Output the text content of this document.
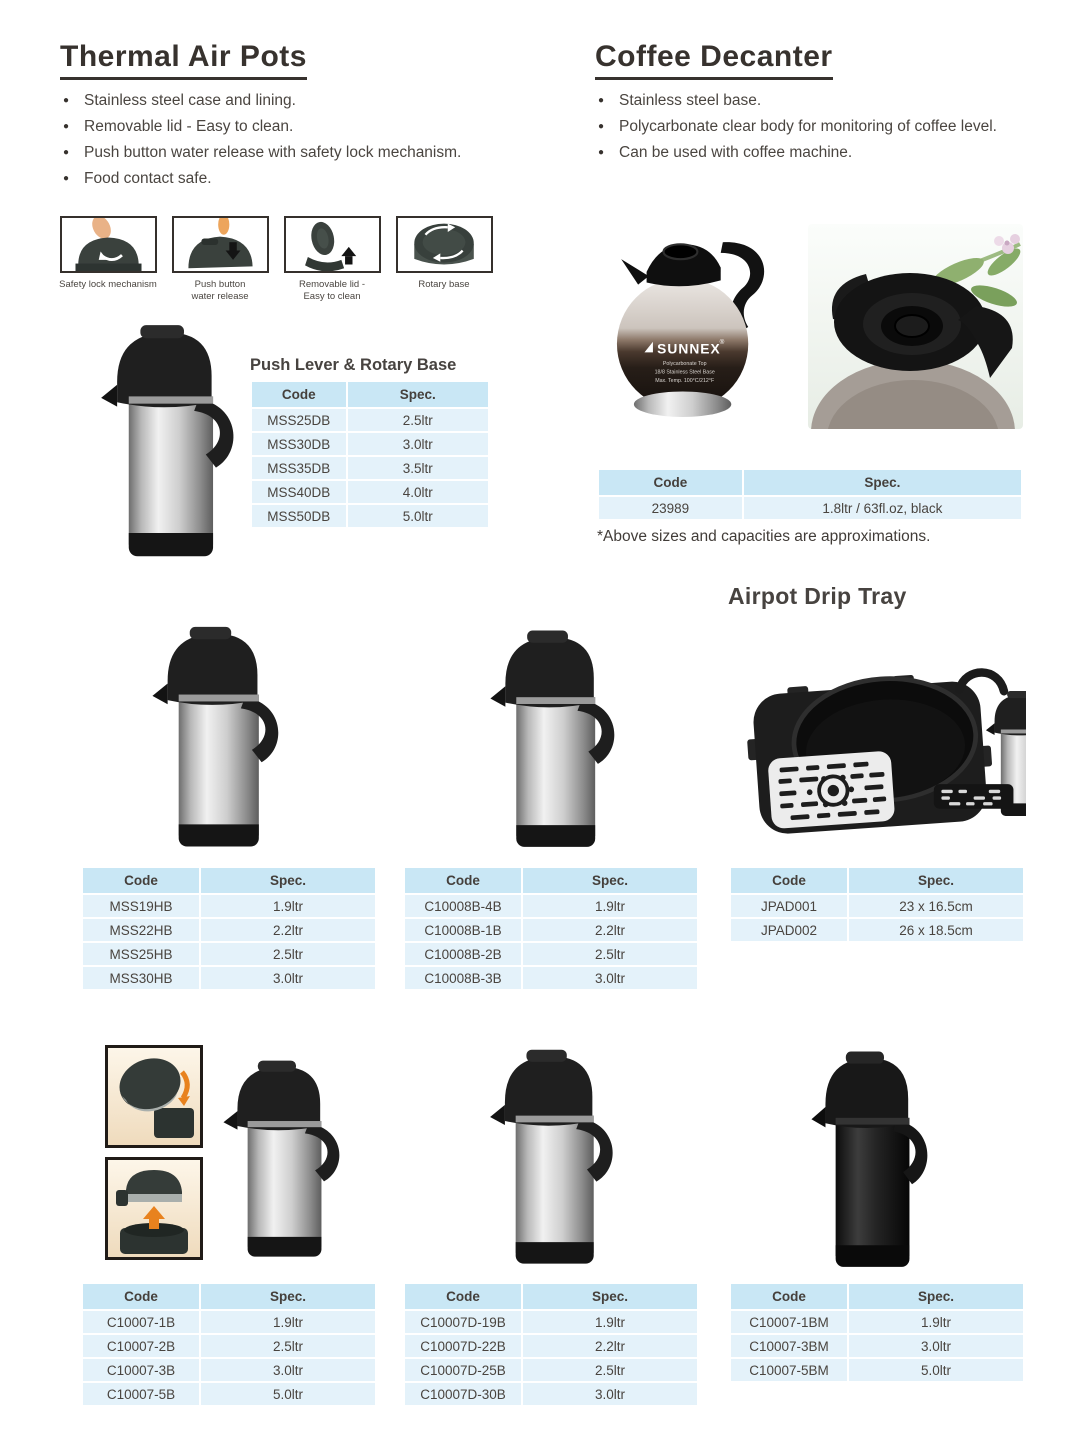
Thermal Air Pots
● Stainless steel case and lining.
● Removable lid - Easy to clean.
● Push button water release with safety lock mechanism.
● Food contact safe.
Safety lock mechanism	Push button
water release
Removable lid -
Easy to clean
Rotary base
Push Lever & Rotary Base
Code	Spec.
MSS25DB	2.5ltr
MSS30DB	3.0ltr
MSS35DB	3.5ltr
MSS40DB	4.0ltr
MSS50DB	5.0ltr
Coffee Decanter
● Stainless steel base.
● Polycarbonate clear body for monitoring of coffee level.
● Can be used with coffee machine.
SUNNEX
®
Polycarbonate Top
18/8 Stainless Steel Base
Max. Temp. 100°C/212°F
Code	Spec.
23989	1.8ltr / 63fl.oz, black
*Above sizes and capacities are approximations.
Airpot Drip Tray
Code	Spec.
MSS19HB	1.9ltr
MSS22HB	2.2ltr
MSS25HB	2.5ltr
MSS30HB	3.0ltr
Code	Spec.
C10008B-4B	1.9ltr
C10008B-1B	2.2ltr
C10008B-2B	2.5ltr
C10008B-3B	3.0ltr
Code	Spec.
JPAD001	23 x 16.5cm
JPAD002	26 x 18.5cm
Code	Spec.
C10007-1B	1.9ltr
C10007-2B	2.5ltr
C10007-3B	3.0ltr
C10007-5B	5.0ltr
Code	Spec.
C10007D-19B	1.9ltr
C10007D-22B	2.2ltr
C10007D-25B	2.5ltr
C10007D-30B	3.0ltr
Code	Spec.
C10007-1BM	1.9ltr
C10007-3BM	3.0ltr
C10007-5BM	5.0ltr
